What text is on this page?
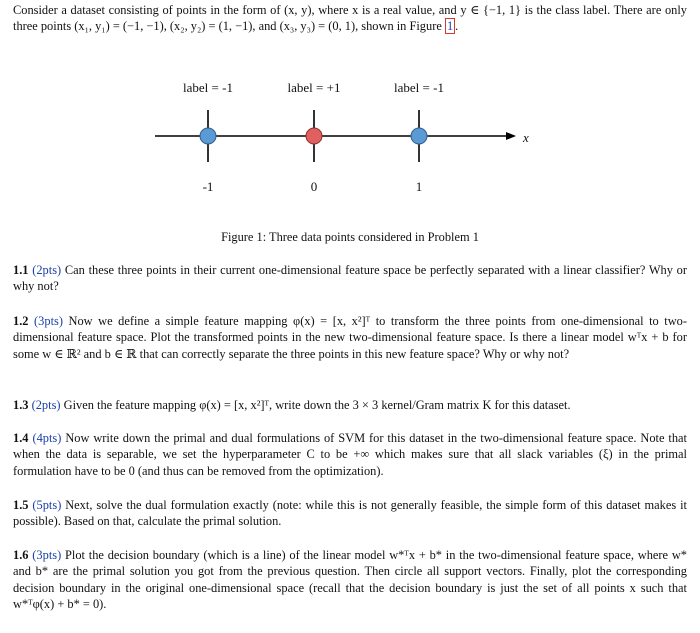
Consider a dataset consisting of points in the form of (x, y), where x is a real value, and y ∈ {−1, 1} is the class label. There are only three points (x₁, y₁) = (−1, −1), (x₂, y₂) = (1, −1), and (x₃, y₃) = (0, 1), shown in Figure 1 .

label = -1	label = +1	label = -1
x
-1	0	1
Figure 1: Three data points considered in Problem 1

1.1 (2pts) Can these three points in their current one-dimensional feature space be perfectly separated with a linear classifier? Why or why not?

1.2 (3pts) Now we define a simple feature mapping φ(x) = [x, x²]ᵀ to transform the three points from one-dimensional to two-dimensional feature space. Plot the transformed points in the new two-dimensional feature space. Is there a linear model wᵀx + b for some w ∈ ℝ² and b ∈ ℝ that can correctly separate the three points in this new feature space? Why or why not?

1.3 (2pts) Given the feature mapping φ(x) = [x, x²]ᵀ, write down the 3 × 3 kernel/Gram matrix K for this dataset.

1.4 (4pts) Now write down the primal and dual formulations of SVM for this dataset in the two-dimensional feature space. Note that when the data is separable, we set the hyperparameter C to be +∞ which makes sure that all slack variables (ξ) in the primal formulation have to be 0 (and thus can be removed from the optimization).

1.5 (5pts) Next, solve the dual formulation exactly (note: while this is not generally feasible, the simple form of this dataset makes it possible). Based on that, calculate the primal solution.

1.6 (3pts) Plot the decision boundary (which is a line) of the linear model w*ᵀx + b* in the two-dimensional feature space, where w* and b* are the primal solution you got from the previous question. Then circle all support vectors. Finally, plot the corresponding decision boundary in the original one-dimensional space (recall that the decision boundary is just the set of all points x such that w*ᵀφ(x) + b* = 0).
